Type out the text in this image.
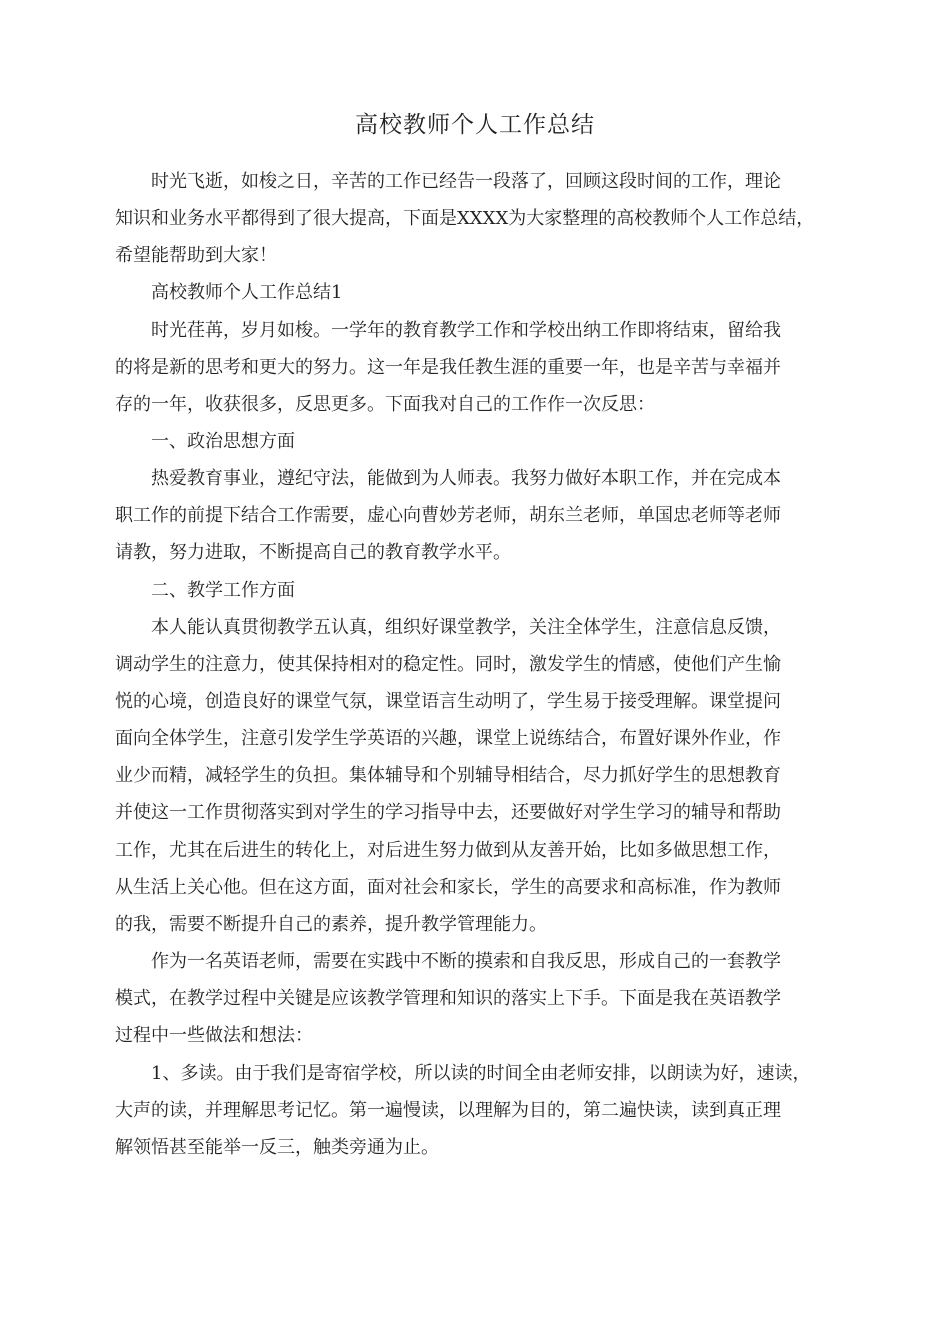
高校教师个人工作总结
时光飞逝，如梭之日，辛苦的工作已经告一段落了，回顾这段时间的工作，理论
知识和业务水平都得到了很大提高，下面是XXXX为大家整理的高校教师个人工作总结，
希望能帮助到大家！
高校教师个人工作总结1
时光荏苒，岁月如梭。一学年的教育教学工作和学校出纳工作即将结束，留给我
的将是新的思考和更大的努力。这一年是我任教生涯的重要一年，也是辛苦与幸福并
存的一年，收获很多，反思更多。下面我对自己的工作作一次反思：
一、政治思想方面
热爱教育事业，遵纪守法，能做到为人师表。我努力做好本职工作，并在完成本
职工作的前提下结合工作需要，虚心向曹妙芳老师，胡东兰老师，单国忠老师等老师
请教，努力进取，不断提高自己的教育教学水平。
二、教学工作方面
本人能认真贯彻教学五认真，组织好课堂教学，关注全体学生，注意信息反馈，
调动学生的注意力，使其保持相对的稳定性。同时，激发学生的情感，使他们产生愉
悦的心境，创造良好的课堂气氛，课堂语言生动明了，学生易于接受理解。课堂提问
面向全体学生，注意引发学生学英语的兴趣，课堂上说练结合，布置好课外作业，作
业少而精，减轻学生的负担。集体辅导和个别辅导相结合，尽力抓好学生的思想教育
并使这一工作贯彻落实到对学生的学习指导中去，还要做好对学生学习的辅导和帮助
工作，尤其在后进生的转化上，对后进生努力做到从友善开始，比如多做思想工作，
从生活上关心他。但在这方面，面对社会和家长，学生的高要求和高标准，作为教师
的我，需要不断提升自己的素养，提升教学管理能力。
作为一名英语老师，需要在实践中不断的摸索和自我反思，形成自己的一套教学
模式，在教学过程中关键是应该教学管理和知识的落实上下手。下面是我在英语教学
过程中一些做法和想法：
1、多读。由于我们是寄宿学校，所以读的时间全由老师安排，以朗读为好，速读，
大声的读，并理解思考记忆。第一遍慢读，以理解为目的，第二遍快读，读到真正理
解领悟甚至能举一反三，触类旁通为止。
